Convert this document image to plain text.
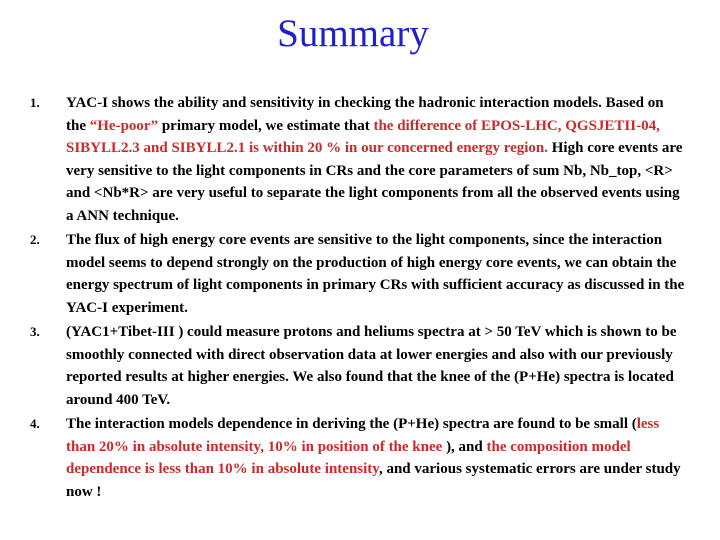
Summary
1. YAC-I shows the ability and sensitivity in checking the hadronic interaction models. Based on the “He-poor” primary model, we estimate that the difference of EPOS-LHC, QGSJETII-04, SIBYLL2.3 and SIBYLL2.1 is within 20 % in our concerned energy region. High core events are very sensitive to the light components in CRs and the core parameters of sum Nb, Nb_top, <R> and <Nb*R> are very useful to separate the light components from all the observed events using a ANN technique.
2. The flux of high energy core events are sensitive to the light components, since the interaction model seems to depend strongly on the production of high energy core events, we can obtain the energy spectrum of light components in primary CRs with sufficient accuracy as discussed in the YAC-I experiment.
3. (YAC1+Tibet-III ) could measure protons and heliums spectra at > 50 TeV which is shown to be smoothly connected with direct observation data at lower energies and also with our previously reported results at higher energies. We also found that the knee of the (P+He) spectra is located around 400 TeV.
4. The interaction models dependence in deriving the (P+He) spectra are found to be small (less than 20% in absolute intensity, 10% in position of the knee ), and the composition model dependence is less than 10% in absolute intensity, and various systematic errors are under study now !
